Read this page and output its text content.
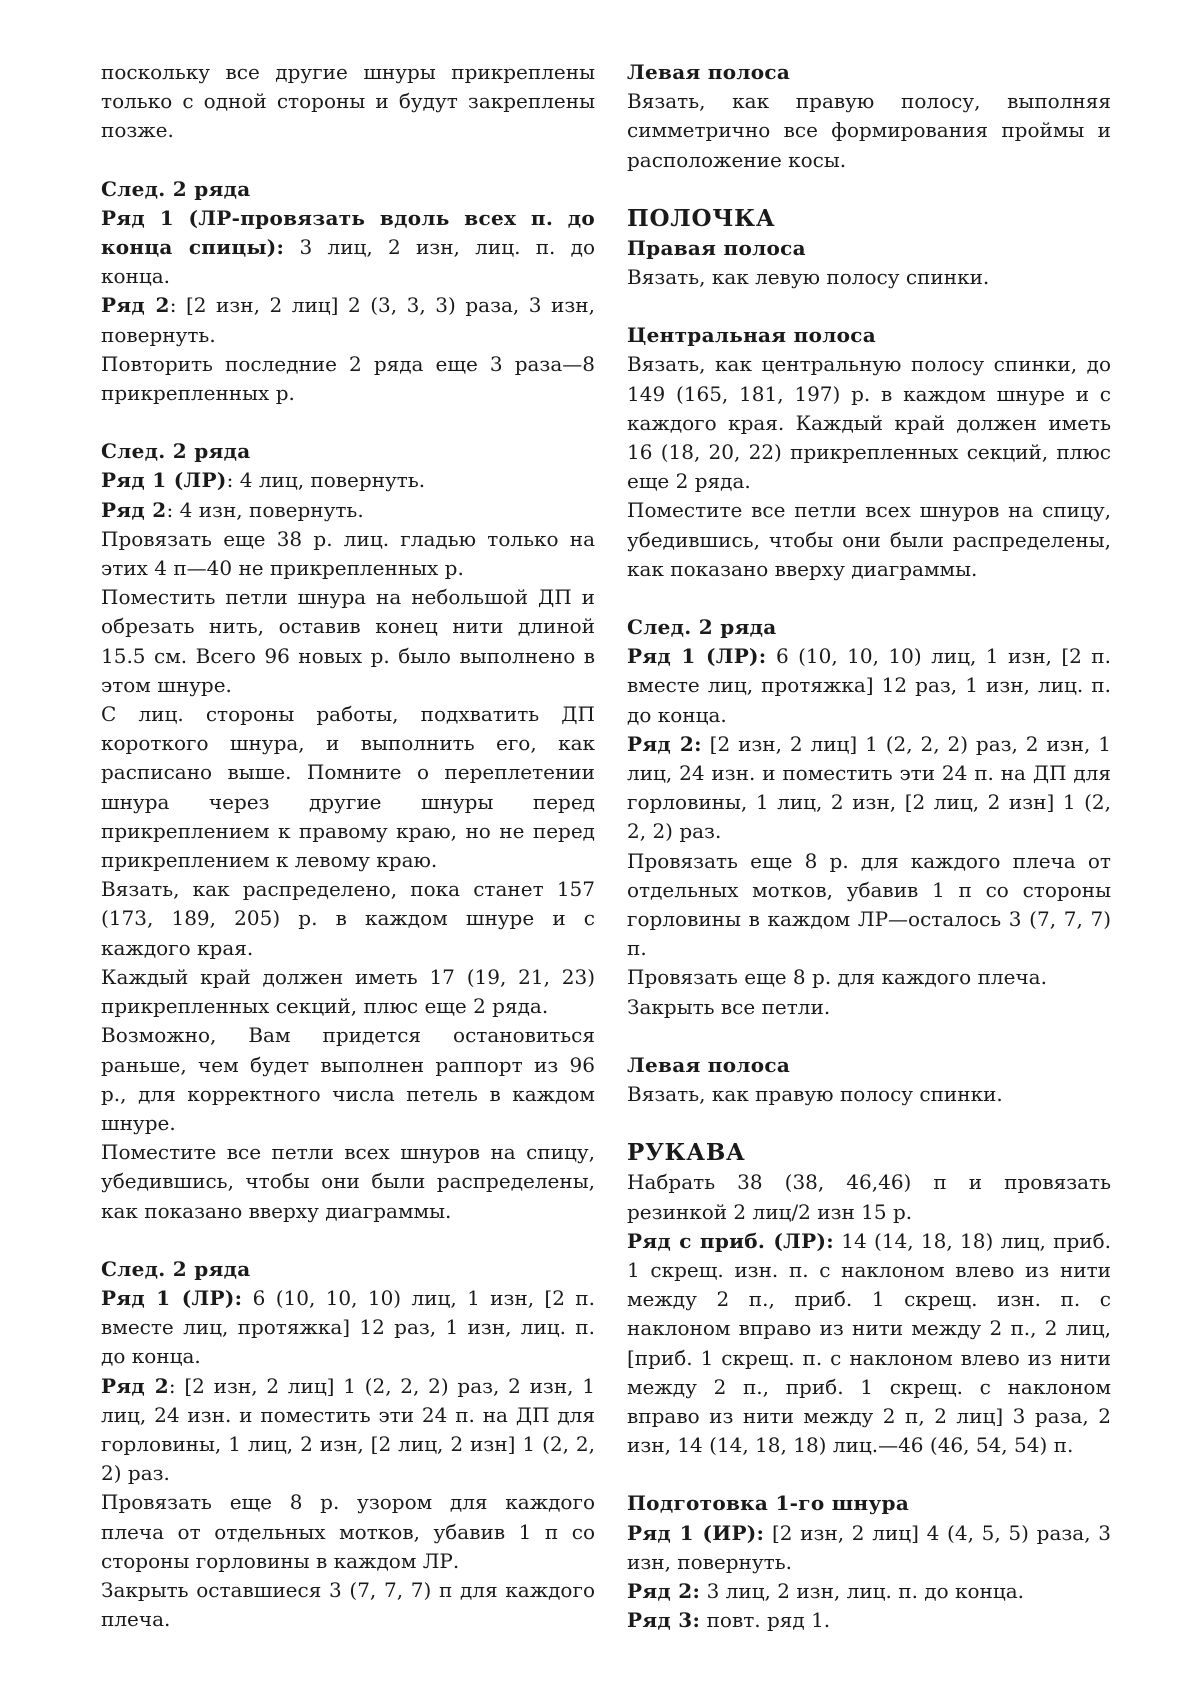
поскольку все другие шнуры прикреплены только с одной стороны и будут закреплены позже.

След. 2 ряда

Ряд 1 (ЛР-провязать вдоль всех п. до конца спицы): 3 лиц, 2 изн, лиц. п. до конца.

Ряд 2: [2 изн, 2 лиц] 2 (3, 3, 3) раза, 3 изн, повернуть.

Повторить последние 2 ряда еще 3 раза—8 прикрепленных р.

След. 2 ряда

Ряд 1 (ЛР): 4 лиц, повернуть.

Ряд 2: 4 изн, повернуть.

Провязать еще 38 р. лиц. гладью только на этих 4 п—40 не прикрепленных р.

Поместить петли шнура на небольшой ДП и обрезать нить, оставив конец нити длиной 15.5 см. Всего 96 новых р. было выполнено в этом шнуре.

С лиц. стороны работы, подхватить ДП короткого шнура, и выполнить его, как расписано выше. Помните о переплетении шнура через другие шнуры перед прикреплением к правому краю, но не перед прикреплением к левому краю.

Вязать, как распределено, пока станет 157 (173, 189, 205) р. в каждом шнуре и с каждого края.

Каждый край должен иметь 17 (19, 21, 23) прикрепленных секций, плюс еще 2 ряда.

Возможно, Вам придется остановиться раньше, чем будет выполнен раппорт из 96 р., для корректного числа петель в каждом шнуре.

Поместите все петли всех шнуров на спицу, убедившись, чтобы они были распределены, как показано вверху диаграммы.

След. 2 ряда

Ряд 1 (ЛР): 6 (10, 10, 10) лиц, 1 изн, [2 п. вместе лиц, протяжка] 12 раз, 1 изн, лиц. п. до конца.

Ряд 2: [2 изн, 2 лиц] 1 (2, 2, 2) раз, 2 изн, 1 лиц, 24 изн. и поместить эти 24 п. на ДП для горловины, 1 лиц, 2 изн, [2 лиц, 2 изн] 1 (2, 2, 2) раз.

Провязать еще 8 р. узором для каждого плеча от отдельных мотков, убавив 1 п со стороны горловины в каждом ЛР.

Закрыть оставшиеся 3 (7, 7, 7) п для каждого плеча.

Левая полоса

Вязать, как правую полосу, выполняя симметрично все формирования проймы и расположение косы.

ПОЛОЧКА

Правая полоса

Вязать, как левую полосу спинки.

Центральная полоса

Вязать, как центральную полосу спинки, до 149 (165, 181, 197) р. в каждом шнуре и с каждого края. Каждый край должен иметь 16 (18, 20, 22) прикрепленных секций, плюс еще 2 ряда.

Поместите все петли всех шнуров на спицу, убедившись, чтобы они были распределены, как показано вверху диаграммы.

След. 2 ряда

Ряд 1 (ЛР): 6 (10, 10, 10) лиц, 1 изн, [2 п. вместе лиц, протяжка] 12 раз, 1 изн, лиц. п. до конца.

Ряд 2: [2 изн, 2 лиц] 1 (2, 2, 2) раз, 2 изн, 1 лиц, 24 изн. и поместить эти 24 п. на ДП для горловины, 1 лиц, 2 изн, [2 лиц, 2 изн] 1 (2, 2, 2) раз.

Провязать еще 8 р. для каждого плеча от отдельных мотков, убавив 1 п со стороны горловины в каждом ЛР—осталось 3 (7, 7, 7) п.

Провязать еще 8 р. для каждого плеча.

Закрыть все петли.

Левая полоса

Вязать, как правую полосу спинки.

РУКАВА

Набрать 38 (38, 46,46) п и провязать резинкой 2 лиц/2 изн 15 р.

Ряд с приб. (ЛР): 14 (14, 18, 18) лиц, приб. 1 скрещ. изн. п. с наклоном влево из нити между 2 п., приб. 1 скрещ. изн. п. с наклоном вправо из нити между 2 п., 2 лиц, [приб. 1 скрещ. п. с наклоном влево из нити между 2 п., приб. 1 скрещ. с наклоном вправо из нити между 2 п, 2 лиц] 3 раза, 2 изн, 14 (14, 18, 18) лиц.—46 (46, 54, 54) п.

Подготовка 1-го шнура

Ряд 1 (ИР): [2 изн, 2 лиц] 4 (4, 5, 5) раза, 3 изн, повернуть.

Ряд 2: 3 лиц, 2 изн, лиц. п. до конца.

Ряд 3: повт. ряд 1.
